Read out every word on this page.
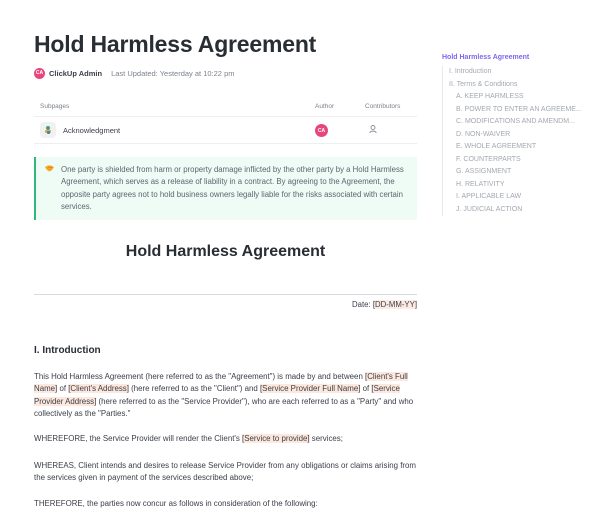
Hold Harmless Agreement
CA ClickUp Admin Last Updated: Yesterday at 10:22 pm
Subpages	Author	Contributors
Acknowledgment	CA
One party is shielded from harm or property damage inflicted by the other party by a Hold Harmless Agreement, which serves as a release of liability in a contract. By agreeing to the Agreement, the opposite party agrees not to hold business owners legally liable for the risks associated with certain services.
Hold Harmless Agreement
Date: [DD-MM-YY]
I. Introduction
This Hold Harmless Agreement (here referred to as the "Agreement") is made by and between [Client's Full Name] of [Client's Address] (here referred to as the "Client") and [Service Provider Full Name] of [Service Provider Address] (here referred to as the "Service Provider"), who are each referred to as a "Party" and who collectively as the "Parties."
WHEREFORE, the Service Provider will render the Client's [Service to provide] services;
WHEREAS, Client intends and desires to release Service Provider from any obligations or claims arising from the services given in payment of the services described above;
THEREFORE, the parties now concur as follows in consideration of the following:
Hold Harmless Agreement
I. Introduction
II. Terms & Conditions
A. KEEP HARMLESS
B. POWER TO ENTER AN AGREEME...
C. MODIFICATIONS AND AMENDM...
D. NON-WAIVER
E. WHOLE AGREEMENT
F. COUNTERPARTS
G. ASSIGNMENT
H. RELATIVITY
I. APPLICABLE LAW
J. JUDICIAL ACTION
